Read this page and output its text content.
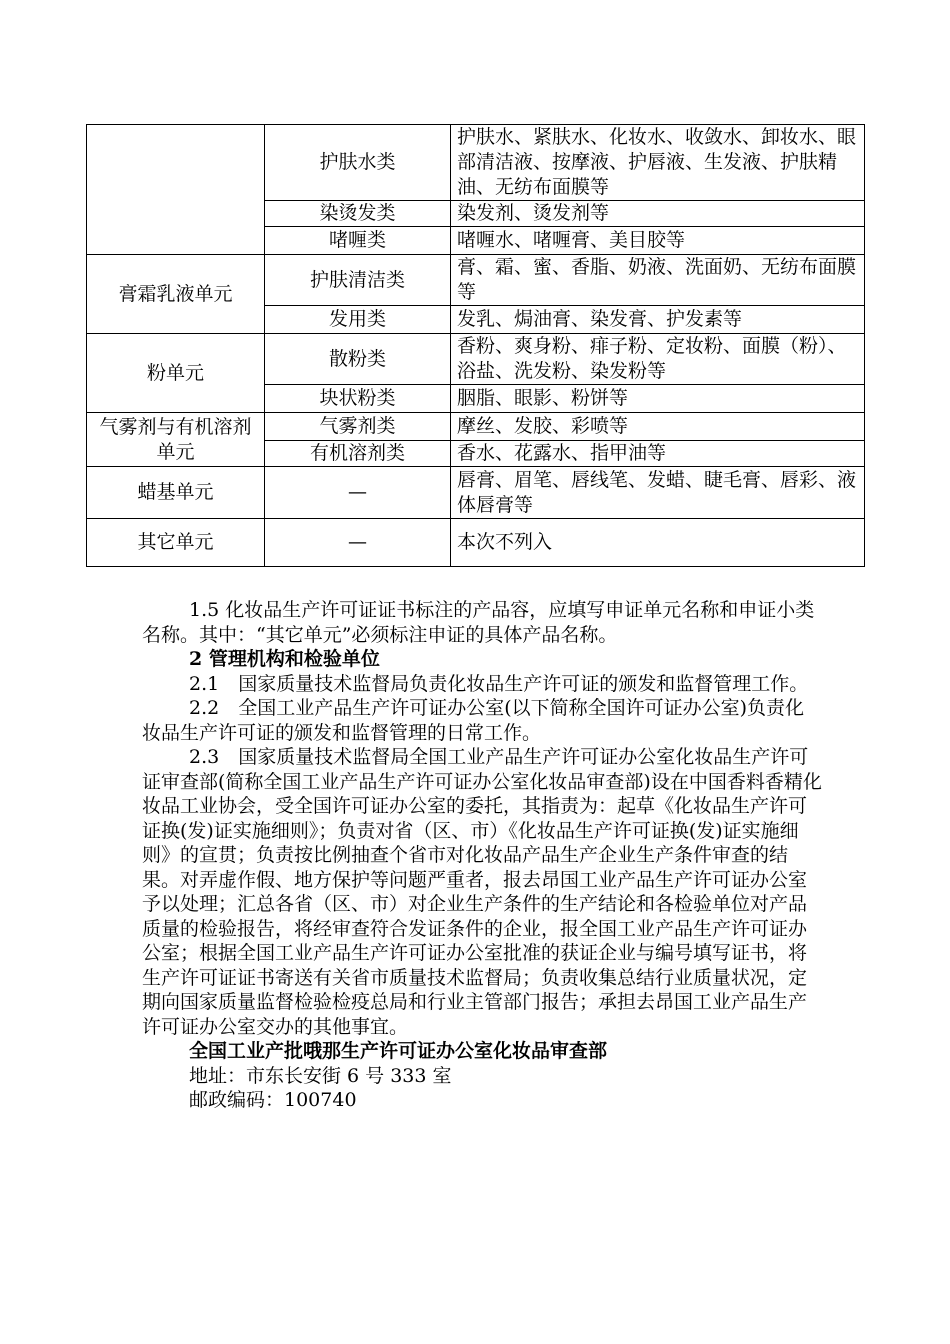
	护肤水类	护肤水、紧肤水、化妆水、收敛水、卸妆水、眼部清洁液、按摩液、护唇液、生发液、护肤精油、无纺布面膜等
	染烫发类	染发剂、烫发剂等
	啫喱类	啫喱水、啫喱膏、美目胶等
膏霜乳液单元	护肤清洁类	膏、霜、蜜、香脂、奶液、洗面奶、无纺布面膜等
	发用类	发乳、焗油膏、染发膏、护发素等
粉单元	散粉类	香粉、爽身粉、痱子粉、定妆粉、面膜（粉）、浴盐、洗发粉、染发粉等
	块状粉类	胭脂、眼影、粉饼等
气雾剂与有机溶剂单元	气雾剂类	摩丝、发胶、彩喷等
	有机溶剂类	香水、花露水、指甲油等
蜡基单元	—	唇膏、眉笔、唇线笔、发蜡、睫毛膏、唇彩、液体唇膏等
其它单元	—	本次不列入

1.5 化妆品生产许可证证书标注的产品容，应填写申证单元名称和申证小类名称。其中：“其它单元”必须标注申证的具体产品名称。

2 管理机构和检验单位

2.1　国家质量技术监督局负责化妆品生产许可证的颁发和监督管理工作。

2.2　全国工业产品生产许可证办公室(以下简称全国许可证办公室)负责化妆品生产许可证的颁发和监督管理的日常工作。

2.3　国家质量技术监督局全国工业产品生产许可证办公室化妆品生产许可证审查部(简称全国工业产品生产许可证办公室化妆品审查部)设在中国香料香精化妆品工业协会，受全国许可证办公室的委托，其指责为：起草《化妆品生产许可证换(发)证实施细则》；负责对省（区、市）《化妆品生产许可证换(发)证实施细则》的宣贯；负责按比例抽查个省市对化妆品产品生产企业生产条件审查的结果。对弄虚作假、地方保护等问题严重者，报去昂国工业产品生产许可证办公室予以处理；汇总各省（区、市）对企业生产条件的生产结论和各检验单位对产品质量的检验报告，将经审查符合发证条件的企业，报全国工业产品生产许可证办公室；根据全国工业产品生产许可证办公室批准的获证企业与编号填写证书，将生产许可证证书寄送有关省市质量技术监督局；负责收集总结行业质量状况，定期向国家质量监督检验检疫总局和行业主管部门报告；承担去昂国工业产品生产许可证办公室交办的其他事宜。

全国工业产批哦那生产许可证办公室化妆品审查部

地址：市东长安街 6 号 333 室

邮政编码：100740
